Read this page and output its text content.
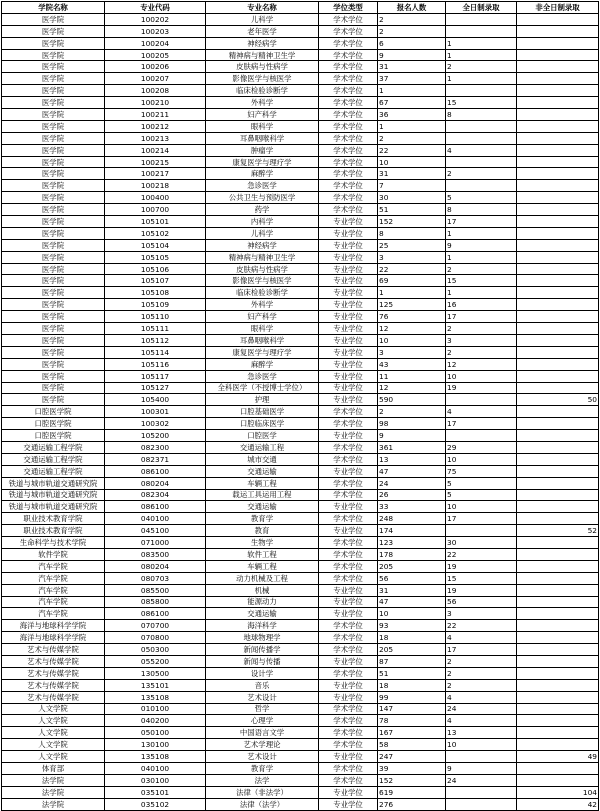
学院名称	专业代码	专业名称	学位类型	报名人数	全日制录取	非全日制录取
医学院	100202	儿科学	学术学位	2		
医学院	100203	老年医学	学术学位	2		
医学院	100204	神经病学	学术学位	6	1	
医学院	100205	精神病与精神卫生学	学术学位	9	1	
医学院	100206	皮肤病与性病学	学术学位	31	2	
医学院	100207	影像医学与核医学	学术学位	37	1	
医学院	100208	临床检验诊断学	学术学位	1		
医学院	100210	外科学	学术学位	67	15	
医学院	100211	妇产科学	学术学位	36	8	
医学院	100212	眼科学	学术学位	1		
医学院	100213	耳鼻咽喉科学	学术学位	2		
医学院	100214	肿瘤学	学术学位	22	4	
医学院	100215	康复医学与理疗学	学术学位	10		
医学院	100217	麻醉学	学术学位	31	2	
医学院	100218	急诊医学	学术学位	7		
医学院	100400	公共卫生与预防医学	学术学位	30	5	
医学院	100700	药学	学术学位	51	8	
医学院	105101	内科学	专业学位	152	17	
医学院	105102	儿科学	专业学位	8	1	
医学院	105104	神经病学	专业学位	25	9	
医学院	105105	精神病与精神卫生学	专业学位	3	1	
医学院	105106	皮肤病与性病学	专业学位	22	2	
医学院	105107	影像医学与核医学	专业学位	69	15	
医学院	105108	临床检验诊断学	专业学位	1	1	
医学院	105109	外科学	专业学位	125	16	
医学院	105110	妇产科学	专业学位	76	17	
医学院	105111	眼科学	专业学位	12	2	
医学院	105112	耳鼻咽喉科学	专业学位	10	3	
医学院	105114	康复医学与理疗学	专业学位	3	2	
医学院	105116	麻醉学	专业学位	43	12	
医学院	105117	急诊医学	专业学位	11	10	
医学院	105127	全科医学（不授博士学位）	专业学位	12	19	
医学院	105400	护理	专业学位	590		50
口腔医学院	100301	口腔基础医学	学术学位	2	4	
口腔医学院	100302	口腔临床医学	学术学位	98	17	
口腔医学院	105200	口腔医学	专业学位	9		
交通运输工程学院	082300	交通运输工程	学术学位	361	29	
交通运输工程学院	082371	城市交通	学术学位	13	10	
交通运输工程学院	086100	交通运输	专业学位	47	75	
铁道与城市轨道交通研究院	080204	车辆工程	学术学位	24	5	
铁道与城市轨道交通研究院	082304	载运工具运用工程	学术学位	26	5	
铁道与城市轨道交通研究院	086100	交通运输	专业学位	33	10	
职业技术教育学院	040100	教育学	学术学位	248	17	
职业技术教育学院	045100	教育	专业学位	174		52
生命科学与技术学院	071000	生物学	学术学位	123	30	
软件学院	083500	软件工程	学术学位	178	22	
汽车学院	080204	车辆工程	学术学位	205	19	
汽车学院	080703	动力机械及工程	学术学位	56	15	
汽车学院	085500	机械	专业学位	31	19	
汽车学院	085800	能源动力	专业学位	47	56	
汽车学院	086100	交通运输	专业学位	10	3	
海洋与地球科学学院	070700	海洋科学	学术学位	93	22	
海洋与地球科学学院	070800	地球物理学	学术学位	18	4	
艺术与传媒学院	050300	新闻传播学	学术学位	205	17	
艺术与传媒学院	055200	新闻与传播	专业学位	87	2	
艺术与传媒学院	130500	设计学	学术学位	51	2	
艺术与传媒学院	135101	音乐	专业学位	18	2	
艺术与传媒学院	135108	艺术设计	专业学位	99	4	
人文学院	010100	哲学	学术学位	147	24	
人文学院	040200	心理学	学术学位	78	4	
人文学院	050100	中国语言文学	学术学位	167	13	
人文学院	130100	艺术学理论	学术学位	58	10	
人文学院	135108	艺术设计	专业学位	247		49
体育部	040100	教育学	学术学位	39	9	
法学院	030100	法学	学术学位	152	24	
法学院	035101	法律（非法学）	专业学位	619		104
法学院	035102	法律（法学）	专业学位	276		42
